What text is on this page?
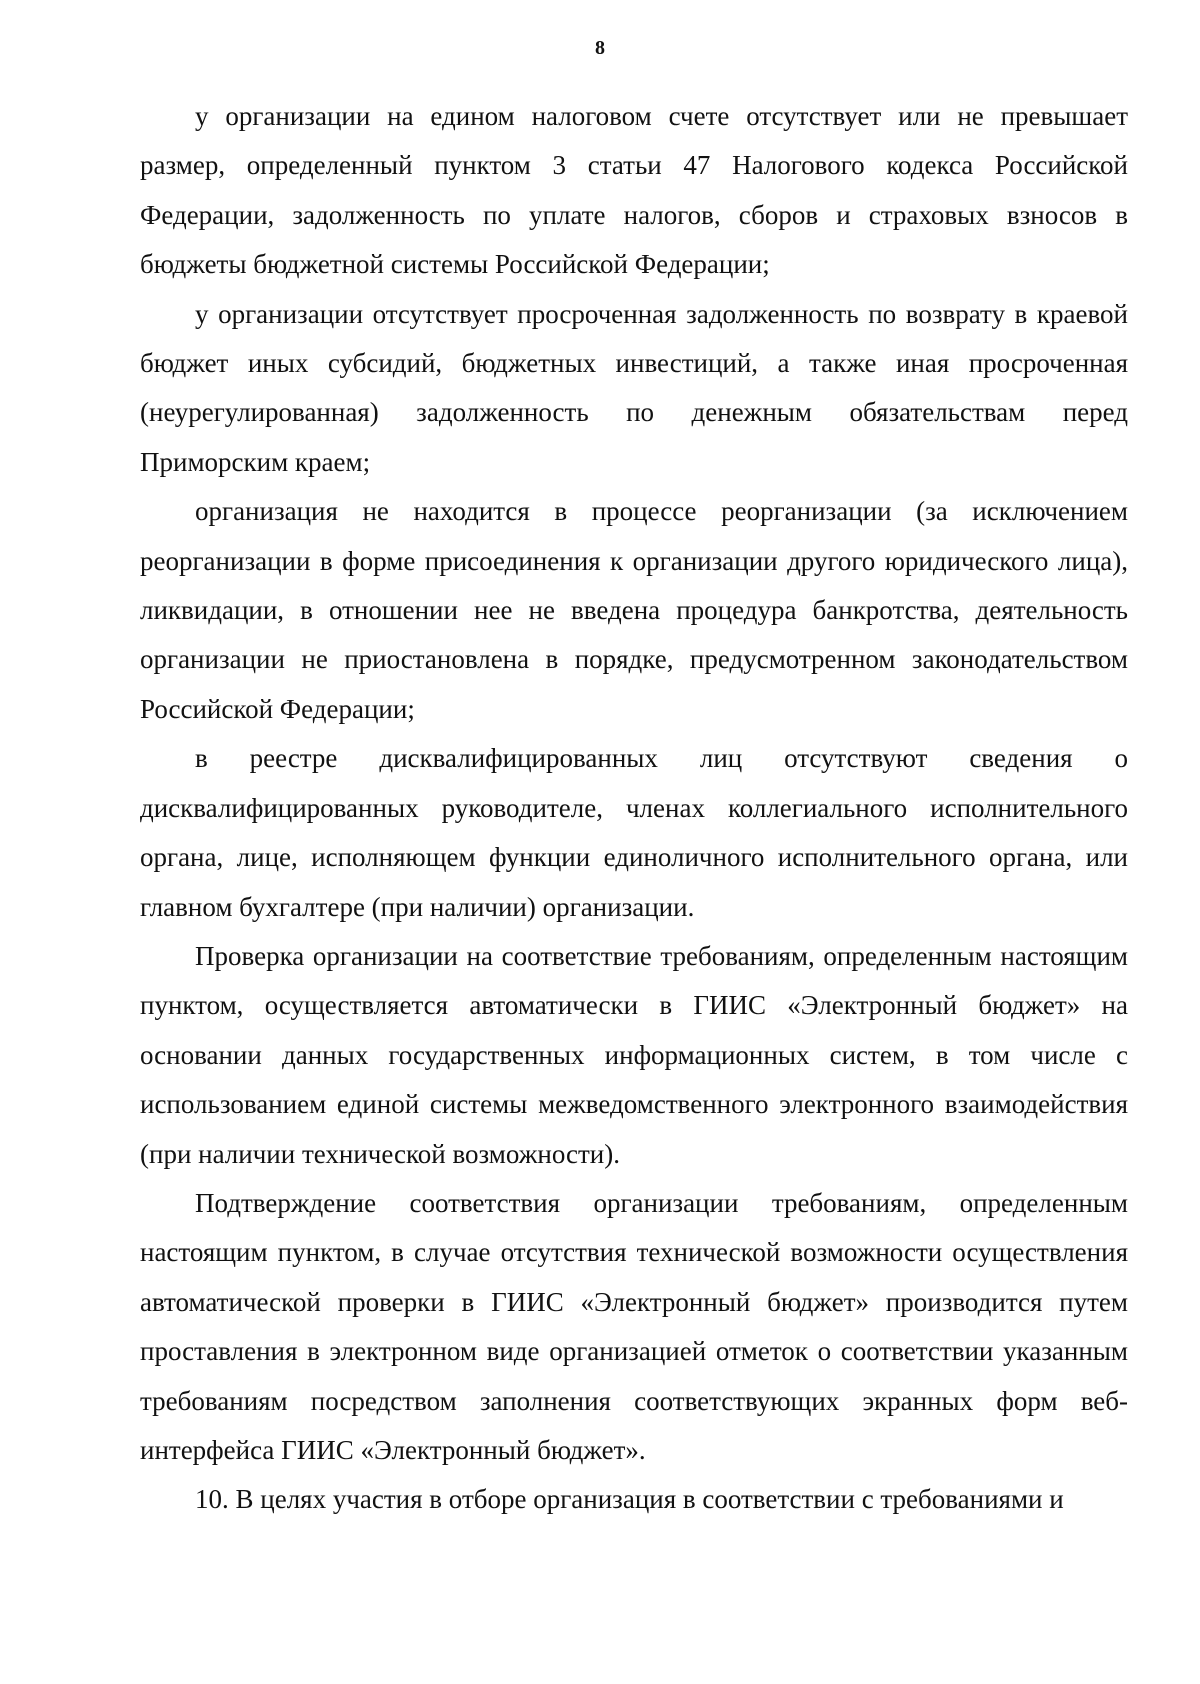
8

у организации на едином налоговом счете отсутствует или не превышает размер, определенный пунктом 3 статьи 47 Налогового кодекса Российской Федерации, задолженность по уплате налогов, сборов и страховых взносов в бюджеты бюджетной системы Российской Федерации;

у организации отсутствует просроченная задолженность по возврату в краевой бюджет иных субсидий, бюджетных инвестиций, а также иная просроченная (неурегулированная) задолженность по денежным обязательствам перед Приморским краем;

организация не находится в процессе реорганизации (за исключением реорганизации в форме присоединения к организации другого юридического лица), ликвидации, в отношении нее не введена процедура банкротства, деятельность организации не приостановлена в порядке, предусмотренном законодательством Российской Федерации;

в реестре дисквалифицированных лиц отсутствуют сведения о дисквалифицированных руководителе, членах коллегиального исполнительного органа, лице, исполняющем функции единоличного исполнительного органа, или главном бухгалтере (при наличии) организации.

Проверка организации на соответствие требованиям, определенным настоящим пунктом, осуществляется автоматически в ГИИС «Электронный бюджет» на основании данных государственных информационных систем, в том числе с использованием единой системы межведомственного электронного взаимодействия (при наличии технической возможности).

Подтверждение соответствия организации требованиям, определенным настоящим пунктом, в случае отсутствия технической возможности осуществления автоматической проверки в ГИИС «Электронный бюджет» производится путем проставления в электронном виде организацией отметок о соответствии указанным требованиям посредством заполнения соответствующих экранных форм веб-интерфейса ГИИС «Электронный бюджет».

10. В целях участия в отборе организация в соответствии с требованиями и
